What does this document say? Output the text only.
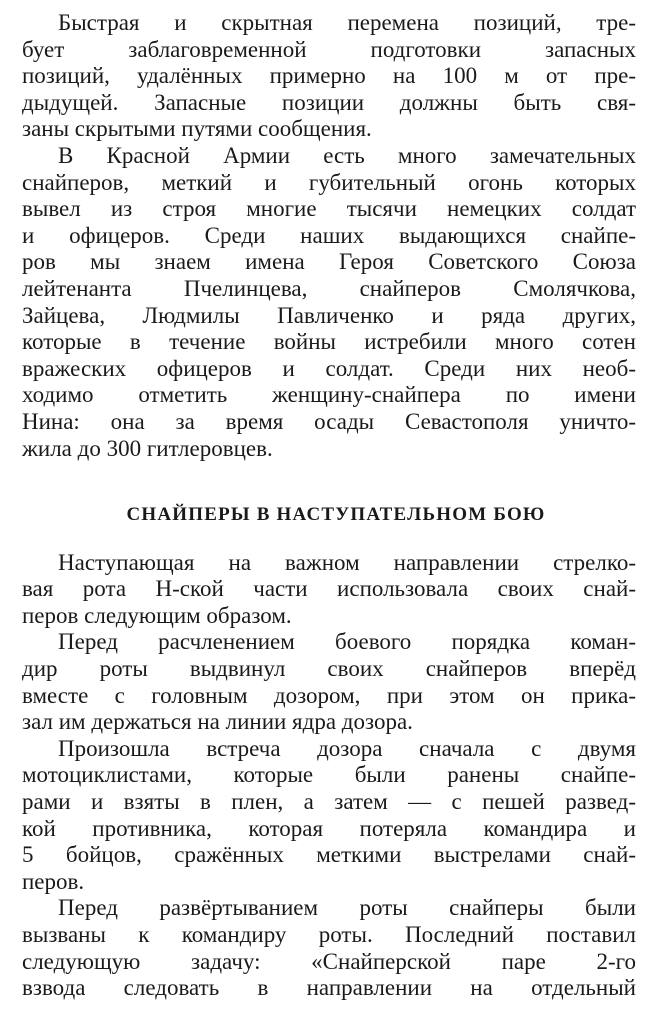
Быстрая и скрытная перемена позиций, тре-
бует заблаговременной подготовки запасных
позиций, удалённых примерно на 100 м от пре-
дыдущей. Запасные позиции должны быть свя-
заны скрытыми путями сообщения.
В Красной Армии есть много замечательных
снайперов, меткий и губительный огонь которых
вывел из строя многие тысячи немецких солдат
и офицеров. Среди наших выдающихся снайпе-
ров мы знаем имена Героя Советского Союза
лейтенанта Пчелинцева, снайперов Смолячкова,
Зайцева, Людмилы Павличенко и ряда других,
которые в течение войны истребили много сотен
вражеских офицеров и солдат. Среди них необ-
ходимо отметить женщину-снайпера по имени
Нина: она за время осады Севастополя уничто-
жила до 300 гитлеровцев.
СНАЙПЕРЫ В НАСТУПАТЕЛЬНОМ БОЮ
Наступающая на важном направлении стрелко-
вая рота Н-ской части использовала своих снай-
перов следующим образом.
Перед расчленением боевого порядка коман-
дир роты выдвинул своих снайперов вперёд
вместе с головным дозором, при этом он прика-
зал им держаться на линии ядра дозора.
Произошла встреча дозора сначала с двумя
мотоциклистами, которые были ранены снайпе-
рами и взяты в плен, а затем — с пешей развед-
кой противника, которая потеряла командира и
5 бойцов, сражённых меткими выстрелами снай-
перов.
Перед развёртыванием роты снайперы были
вызваны к командиру роты. Последний поставил
следующую задачу: «Снайперской паре 2-го
взвода следовать в направлении на отдельный
